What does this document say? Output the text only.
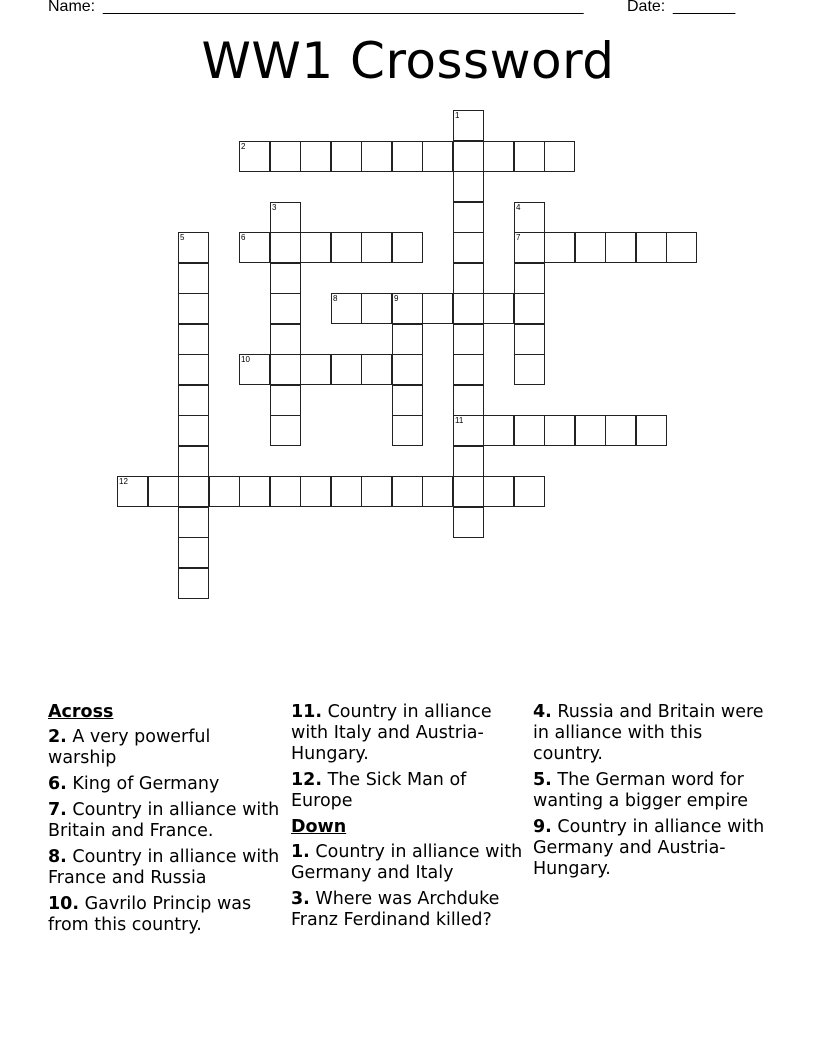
Name: ______________________________________________________	Date: _______
WW1 Crossword
1
11
2
3	4
7
5	6
8	9
10
12
Across
2. A very powerful warship
6. King of Germany
7. Country in alliance with Britain and France.
8. Country in alliance with France and Russia
10. Gavrilo Princip was from this country.
11. Country in alliance with Italy and Austria-Hungary.
12. The Sick Man of Europe
Down
1. Country in alliance with Germany and Italy
3. Where was Archduke Franz Ferdinand killed?
4. Russia and Britain were in alliance with this country.
5. The German word for wanting a bigger empire
9. Country in alliance with Germany and Austria-Hungary.
